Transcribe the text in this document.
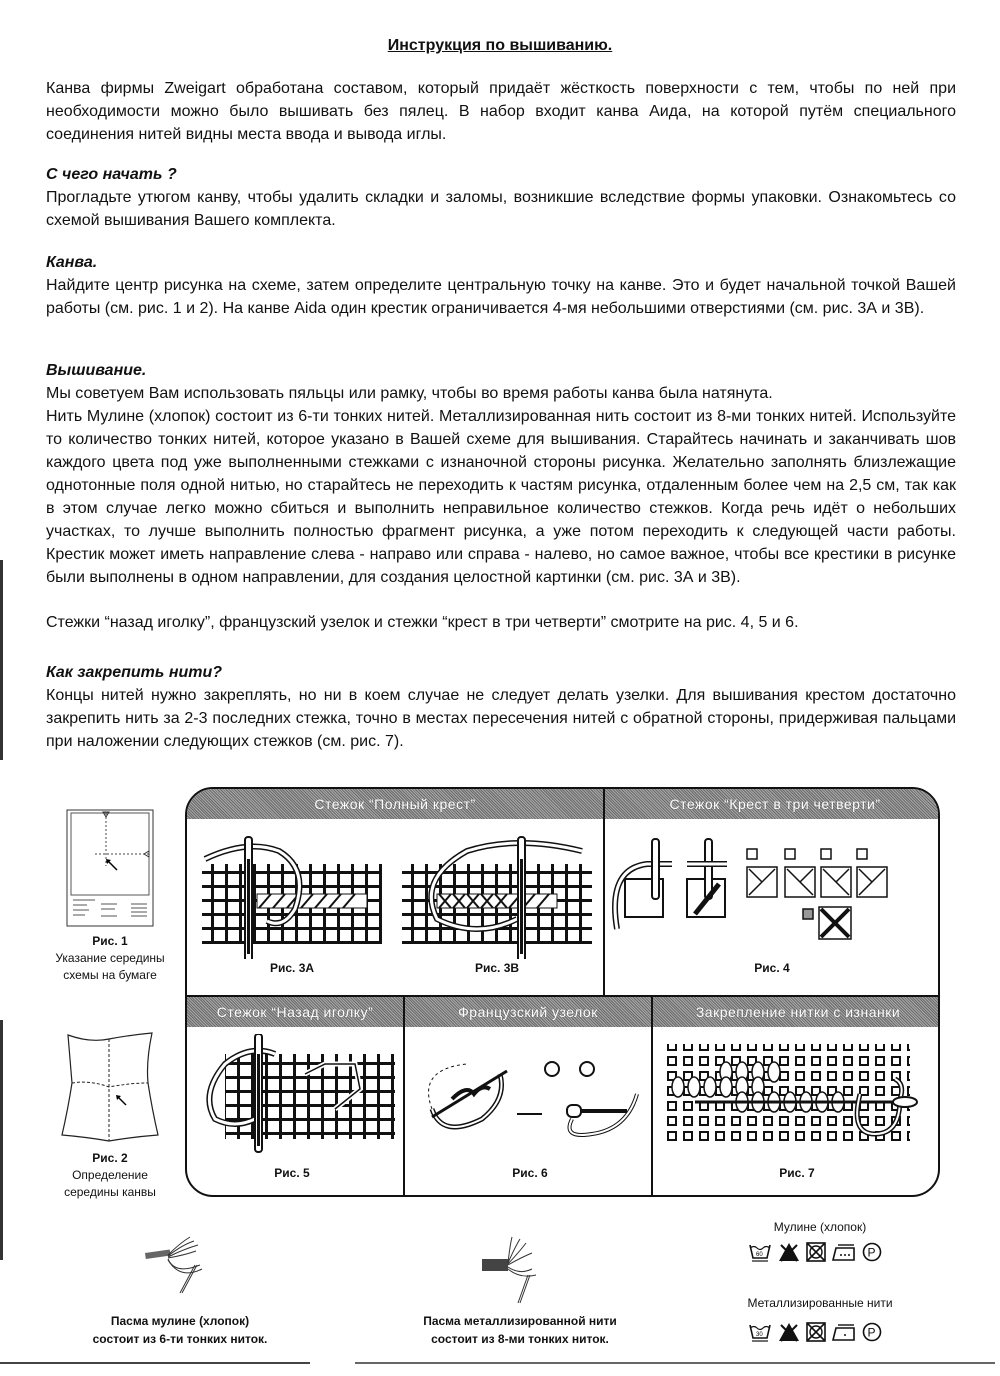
Инструкция по вышиванию.

Канва фирмы Zweigart обработана составом, который придаёт жёсткость поверхности с тем, чтобы по ней при необходимости можно было вышивать без пялец. В набор входит канва Аида, на которой путём специального соединения нитей видны места ввода и вывода иглы.

С чего начать ?

Прогладьте утюгом канву, чтобы удалить складки и заломы, возникшие вследствие формы упаковки. Ознакомьтесь со схемой вышивания Вашего комплекта.

Канва.

Найдите центр рисунка на схеме, затем определите центральную точку на канве. Это и будет начальной точкой Вашей работы (см. рис. 1 и 2). На канве Aida один крестик ограничивается 4-мя небольшими отверстиями (см. рис. 3А и 3В).

Вышивание.

Мы советуем Вам использовать пяльцы или рамку, чтобы во время работы канва была натянута.

Нить Мулине (хлопок) состоит из 6-ти тонких нитей. Металлизированная нить состоит из 8-ми тонких нитей. Используйте то количество тонких нитей, которое указано в Вашей схеме для вышивания. Старайтесь начинать и заканчивать шов каждого цвета под уже выполненными стежками с изнаночной стороны рисунка. Желательно заполнять близлежащие однотонные поля одной нитью, но старайтесь не переходить к частям рисунка, отдаленным более чем на 2,5 см, так как в этом случае легко можно сбиться и выполнить неправильное количество стежков. Когда речь идёт о небольших участках, то лучше выполнить полностью фрагмент рисунка, а уже потом переходить к следующей части работы. Крестик может иметь направление слева - направо или справа - налево, но самое важное, чтобы все крестики в рисунке были выполнены в одном направлении, для создания целостной картинки (см. рис. 3А и 3В).

Стежки “назад иголку”, французский узелок и стежки “крест в три четверти” смотрите на рис. 4, 5 и 6.

Как закрепить нити?

Концы нитей нужно закреплять, но ни в коем случае не следует делать узелки. Для вышивания крестом достаточно закрепить нить за 2-3 последних стежка, точно в местах пересечения нитей с обратной стороны, придерживая пальцами при наложении следующих стежков (см. рис. 7).

Рис. 1
Указание середины
схемы на бумаге
Рис. 2
Определение
середины канвы
Стежок “Полный крест”	Стежок “Крест в три четверти”
Стежок “Назад иголку”	Французский узелок	Закрепление нитки с изнанки
Рис. 3А	Рис. 3В	Рис. 4
Рис. 5	Рис. 6	Рис. 7
Пасма мулине (хлопок)
состоит из 6-ти тонких ниток.
Пасма металлизированной нити
состоит из 8-ми тонких ниток.
Мулине (хлопок)
60	P
Металлизированные нити
30	P
